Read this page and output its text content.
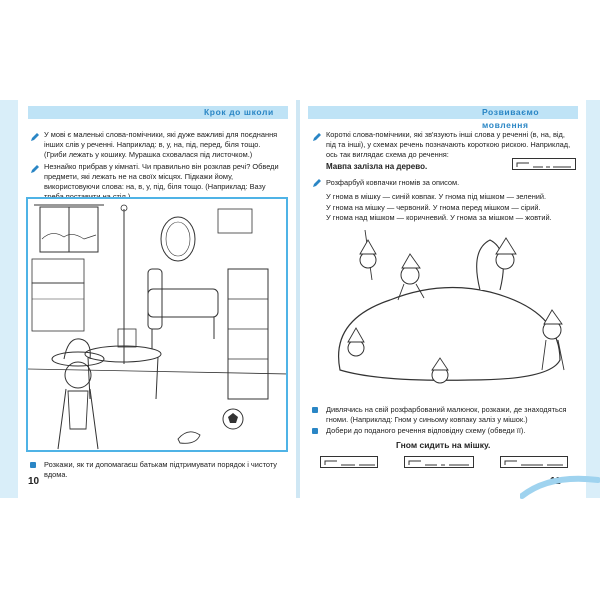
Крок до школи
У мові є маленькі слова-помічники, які дуже важливі для поєднання інших слів у реченні. Наприклад: в, у, на, під, перед, біля тощо. (Гриби лежать у кошику. Мурашка сховалася під листочком.)
Незнайко прибрав у кімнаті. Чи правильно він розклав речі? Обведи предмети, які лежать не на своїх місцях. Підкажи йому, використовуючи слова: на, в, у, під, біля тощо. (Наприклад: Вазу
Розкажи, як ти допомагаєш батькам підтримувати порядок і чистоту вдома.
10
Розвиваємо мовлення
Короткі слова-помічники, які зв'язують інші слова у реченні (в, на, від, під та інші), у схемах речень позначають короткою рискою. Наприклад, ось так виглядає схема до речення:
Мавпа залізла на дерево.
Розфарбуй ковпачки гномів за описом.
У гнома в мішку — синій ковпак. У гнома під мішком — зелений.
У гнома на мішку — червоний. У гнома перед мішком — сірий.
У гнома над мішком — коричневий. У гнома за мішком — жовтий.
Дивлячись на свій розфарбований малюнок, розкажи, де знаходяться гноми. (Наприклад: Гном у синьому ковпаку заліз у мішок.)
Добери до поданого речення відповідну схему (обведи її).
Гном сидить на мішку.
11
